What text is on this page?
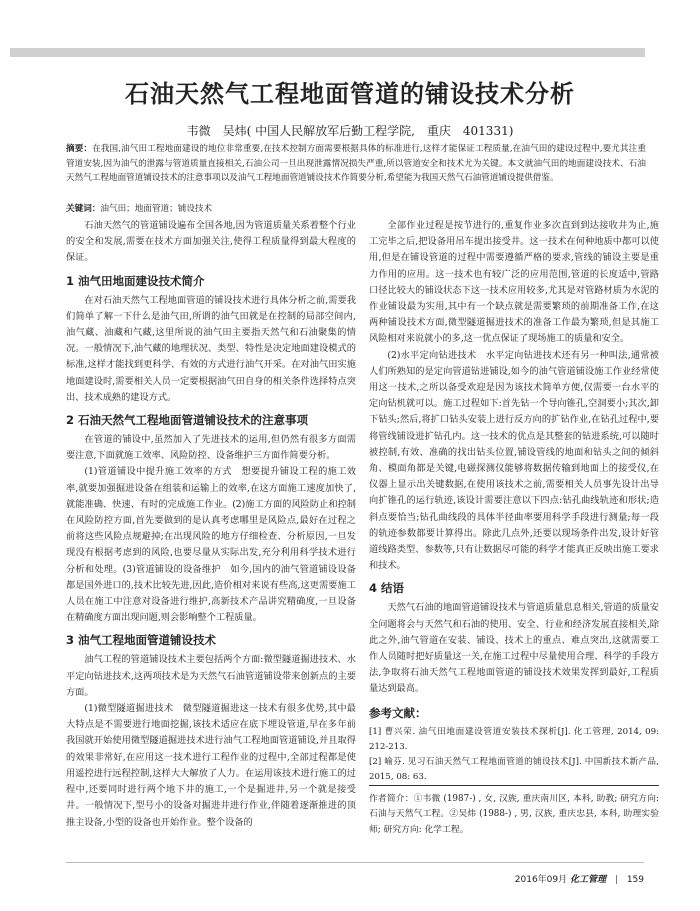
石油天然气工程地面管道的铺设技术分析
韦微　吴炜( 中国人民解放军后勤工程学院,　重庆　401331)
摘要：在我国,油气田工程地面建设的地位非常重要,在技术控制方面需要根据具体的标准进行,这样才能保证工程质量,在油气田的建设过程中,要尤其注重管道安装,因为油气的泄露与管道质量直接相关,石油公司一旦出现泄露情况损失严重,所以管道安全和技术尤为关键。本文就油气田的地面建设技术、石油天然气工程地面管道铺设技术的注意事项以及油气工程地面管道铺设技术作简要分析,希望能为我国天然气石油管道铺设提供借鉴。
关键词：油气田；地面管道；铺设技术

石油天然气的管道铺设遍布全国各地,因为管道质量关系着整个行业的安全和发展,需要在技术方面加强关注,使得工程质量得到最大程度的保证。

1 油气田地面建设技术简介

在对石油天然气工程地面管道的铺设技术进行具体分析之前,需要我们简单了解一下什么是油气田,所谓的油气田就是在控制的局部空间内,油气藏、油藏和气藏,这里所说的油气田主要指天然气和石油聚集的情况。一般情况下,油气藏的地理状况、类型、特性是决定地面建设模式的标准,这样才能找到更科学、有效的方式进行油气开采。在对油气田实施地面建设时,需要相关人员一定要根据油气田自身的相关条件选择特点突出、技术成熟的建设方式。

2 石油天然气工程地面管道铺设技术的注意事项

在管道的铺设中,虽然加入了先进技术的运用,但仍然有很多方面需要注意,下面就施工效率、风险防控、设备维护三方面作简要分析。

(1)管道铺设中提升施工效率的方式　想要提升铺设工程的施工效率,就要加强掘进设备在组装和运输上的效率,在这方面施工速度加快了,就能准确、快速、有时的完成施工作业。(2)施工方面的风险防止和控制　在风险防控方面,首先要做到的是认真考虑哪里是风险点,最好在过程之前将这些风险点规避掉;在出现风险的地方仔细检查、分析原因,一旦发现没有根据考虑到的风险,也要尽量从实际出发,充分利用科学技术进行分析和处理。(3)管道铺设的设备维护　如今,国内的油气管道铺设设备都是国外进口的,技术比较先进,因此,造价相对来说有些高,这更需要施工人员在施工中注意对设备进行维护,高新技术产品讲究精确度,一旦设备在精确度方面出现问题,则会影响整个工程质量。

3 油气工程地面管道铺设技术

油气工程的管道铺设技术主要包括两个方面:微型隧道掘进技术、水平定向钻进技术,这两项技术是为天然气石油管道铺设带来创新点的主要方面。

(1)微型隧道掘进技术　微型隧道掘进这一技术有很多优势,其中最大特点是不需要进行地面挖掘,该技术适应在底下埋设管道,早在多年前我国就开始使用微型隧道掘进技术进行油气工程地面管道铺设,并且取得的效果非常好,在应用这一技术进行工程作业的过程中,全部过程都是使用遥控进行远程控制,这样大大解放了人力。在运用该技术进行施工的过程中,还要同时进行两个地下井的施工,一个是掘进井,另一个就是接受井。一般情况下,型号小的设备对掘进井进行作业,伴随着逐渐推进的顶推主设备,小型的设备也开始作业。整个设备的

全部作业过程是按节进行的,重复作业多次直到到达接收井为止,施工完毕之后,把设备用吊车提出接受井。这一技术在何种地质中都可以使用,但是在铺设管道的过程中需要遵循严格的要求,管线的铺设主要是重力作用的应用。这一技术也有较广泛的应用范围,管道的长度适中,管路口径比较大的铺设状态下这一技术应用较多,尤其是对管路材质为水泥的作业铺设最为实用,其中有一个缺点就是需要繁琐的前期准备工作,在这两种铺设技术方面,微型隧道掘进技术的准备工作最为繁琐,但是其施工风险相对来说就小的多,这一优点保证了现场施工的质量和安全。

(2)水平定向钻进技术　水平定向钻进技术还有另一种叫法,通常被人们所熟知的是定向管道钻进铺设,如今的油气管道铺设施工作业经常使用这一技术,之所以备受欢迎是因为该技术简单方便,仅需要一台水平的定向钻机就可以。施工过程如下:首先钻一个导向锥孔,空洞要小;其次,卸下钻头;然后,将扩口钻头安装上进行反方向的扩钻作业,在钻孔过程中,要将管线铺设进扩钻孔内。这一技术的优点是其整套的钻进系统,可以随时被控制,有效、准确的找出钻头位置,铺设管线的地面和钻头之间的倾斜角、模面角都是关键,电磁探测仪能够将数据传输到地面上的接受仪,在仪器上显示出关键数据,在使用该技术之前,需要相关人员事先设计出导向扩锥孔的运行轨迹,该设计需要注意以下四点:钻孔曲线轨迹和形状;造斜点要恰当;钻孔曲线段的具体半径曲率要用科学手段进行测量;每一段的轨迹参数都要计算得出。除此几点外,还要以现场条件出发,设计好管道线路类型、参数等,只有让数据尽可能的科学才能真正反映出施工要求和技术。

4 结语

天然气石油的地面管道铺设技术与管道质量息息相关,管道的质量安全问题将会与天然气和石油的使用、安全、行业和经济发展直接相关,除此之外,油气管道在安装、铺设、技术上的重点、难点突出,这就需要工作人员随时把好质量这一关,在施工过程中尽量使用合理、科学的手段方法,争取将石油天然气工程地面管道的铺设技术效果发挥到最好,工程质量达到最高。

参考文献：

[1] 曹兴荣. 油气田地面建设管道安装技术探析[J]. 化工管理, 2014, 09: 212-213.

[2] 喻芬. 见习石油天然气工程地面管道的铺设技术[J]. 中国新技术新产品, 2015, 08: 63.

作者简介：①韦微 (1987-) , 女, 汉族, 重庆南川区, 本科, 助教; 研究方向: 石油与天然气工程。②吴炜 (1988-) , 男, 汉族, 重庆忠县, 本科, 助理实验师; 研究方向: 化学工程。

2016年09月 化工管理 | 159
